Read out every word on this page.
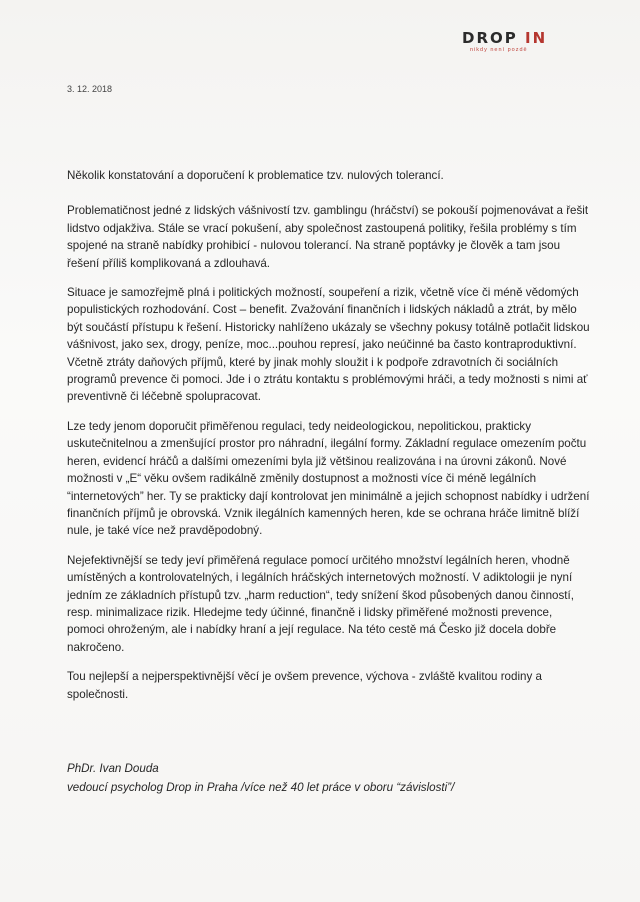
DROP IN
nikdy není pozdě
3. 12. 2018

Několik konstatování a doporučení k problematice tzv. nulových tolerancí.

Problematičnost jedné z lidských vášnivostí tzv. gamblingu (hráčství) se pokouší pojmenovávat a řešit lidstvo odjakživa. Stále se vrací pokušení, aby společnost zastoupená politiky, řešila problémy s tím spojené na straně nabídky prohibicí - nulovou tolerancí. Na straně poptávky je člověk a tam jsou řešení příliš komplikovaná a zdlouhavá.

Situace je samozřejmě plná i politických možností, soupeření a rizik, včetně více či méně vědomých populistických rozhodování. Cost – benefit. Zvažování finančních i lidských nákladů a ztrát, by mělo být součástí přístupu k řešení. Historicky nahlíženo ukázaly se všechny pokusy totálně potlačit lidskou vášnivost, jako sex, drogy, peníze, moc...pouhou represí, jako neúčinné ba často kontraproduktivní. Včetně ztráty daňových příjmů, které by jinak mohly sloužit i k podpoře zdravotních či sociálních programů prevence či pomoci. Jde i o ztrátu kontaktu s problémovými hráči, a tedy možnosti s nimi ať preventivně či léčebně spolupracovat.

Lze tedy jenom doporučit přiměřenou regulaci, tedy neideologickou, nepolitickou, prakticky uskutečnitelnou a zmenšující prostor pro náhradní, ilegální formy. Základní regulace omezením počtu heren, evidencí hráčů a dalšími omezeními byla již většinou realizována i na úrovni zákonů. Nové možnosti v „E“ věku ovšem radikálně změnily dostupnost a možnosti více či méně legálních “internetových” her. Ty se prakticky dají kontrolovat jen minimálně a jejich schopnost nabídky i udržení finančních příjmů je obrovská. Vznik ilegálních kamenných heren, kde se ochrana hráče limitně blíží nule, je také více než pravděpodobný.

Nejefektivnější se tedy jeví přiměřená regulace pomocí určitého množství legálních heren, vhodně umístěných a kontrolovatelných, i legálních hráčských internetových možností. V adiktologii je nyní jedním ze základních přístupů tzv. „harm reduction“, tedy snížení škod působených danou činností, resp. minimalizace rizik. Hledejme tedy účinné, finančně i lidsky přiměřené možnosti prevence, pomoci ohroženým, ale i nabídky hraní a její regulace. Na této cestě má Česko již docela dobře nakročeno.

Tou nejlepší a nejperspektivnější věcí je ovšem prevence, výchova - zvláště kvalitou rodiny a společnosti.

PhDr. Ivan Douda
vedoucí psycholog Drop in Praha /více než 40 let práce v oboru “závislosti”/
